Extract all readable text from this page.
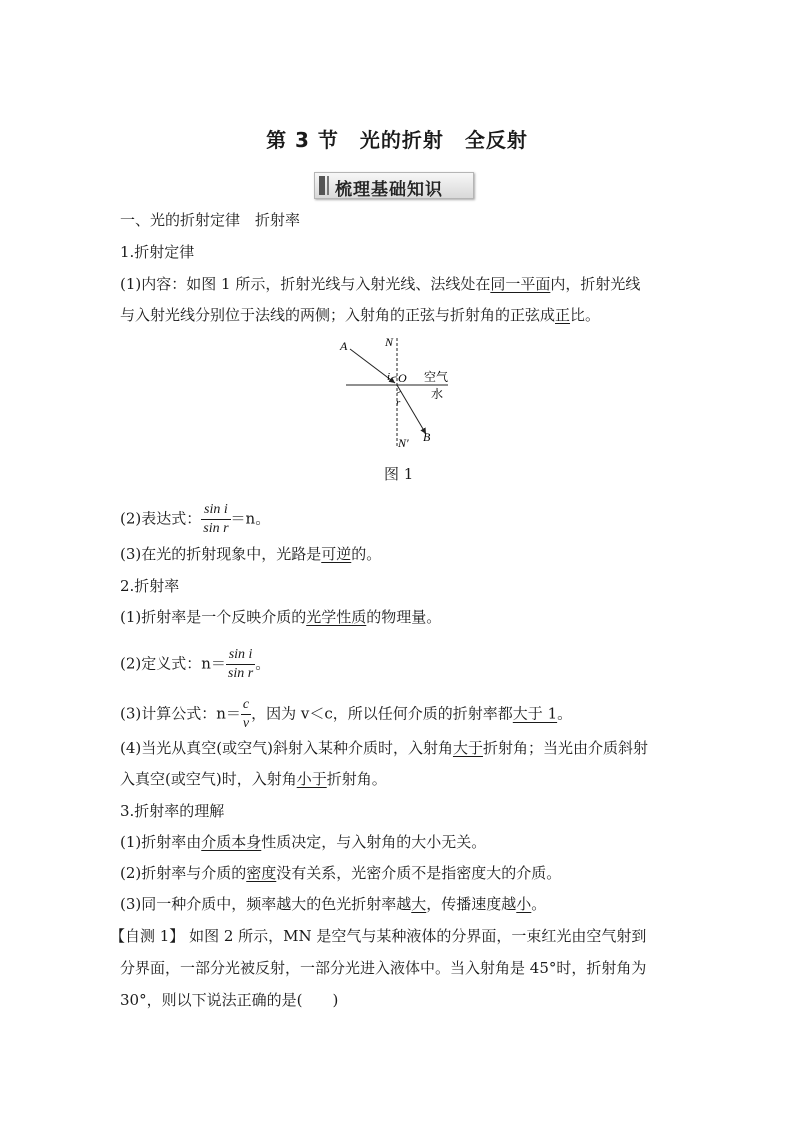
第 3 节　光的折射　全反射
梳理基础知识
一、光的折射定律　折射率
1.折射定律
(1)内容：如图 1 所示，折射光线与入射光线、法线处在同一平面内，折射光线
与入射光线分别位于法线的两侧；入射角的正弦与折射角的正弦成正比。
A	N
O
i
r
空气
水
N′ B
图 1
(2)表达式： $\frac{\text{sin i}}{\text{sin r}} =n$。
(3)在光的折射现象中，光路是可逆的。
2.折射率
(1)折射率是一个反映介质的光学性质的物理量。
(2)定义式：$n= \frac{\text{sin i}}{\text{sin r}}$ 。
(3)计算公式：$n= \frac{c}{v}$ ，因为 v＜c，所以任何介质的折射率都大于 1。
(4)当光从真空(或空气)斜射入某种介质时，入射角大于折射角；当光由介质斜射
入真空(或空气)时，入射角小于折射角。
3.折射率的理解
(1)折射率由介质本身性质决定，与入射角的大小无关。
(2)折射率与介质的密度没有关系，光密介质不是指密度大的介质。
(3)同一种介质中，频率越大的色光折射率越大，传播速度越小。
【自测 1】 如图 2 所示，MN 是空气与某种液体的分界面，一束红光由空气射到
分界面，一部分光被反射，一部分光进入液体中。当入射角是 45°时，折射角为
30°，则以下说法正确的是(　　)
